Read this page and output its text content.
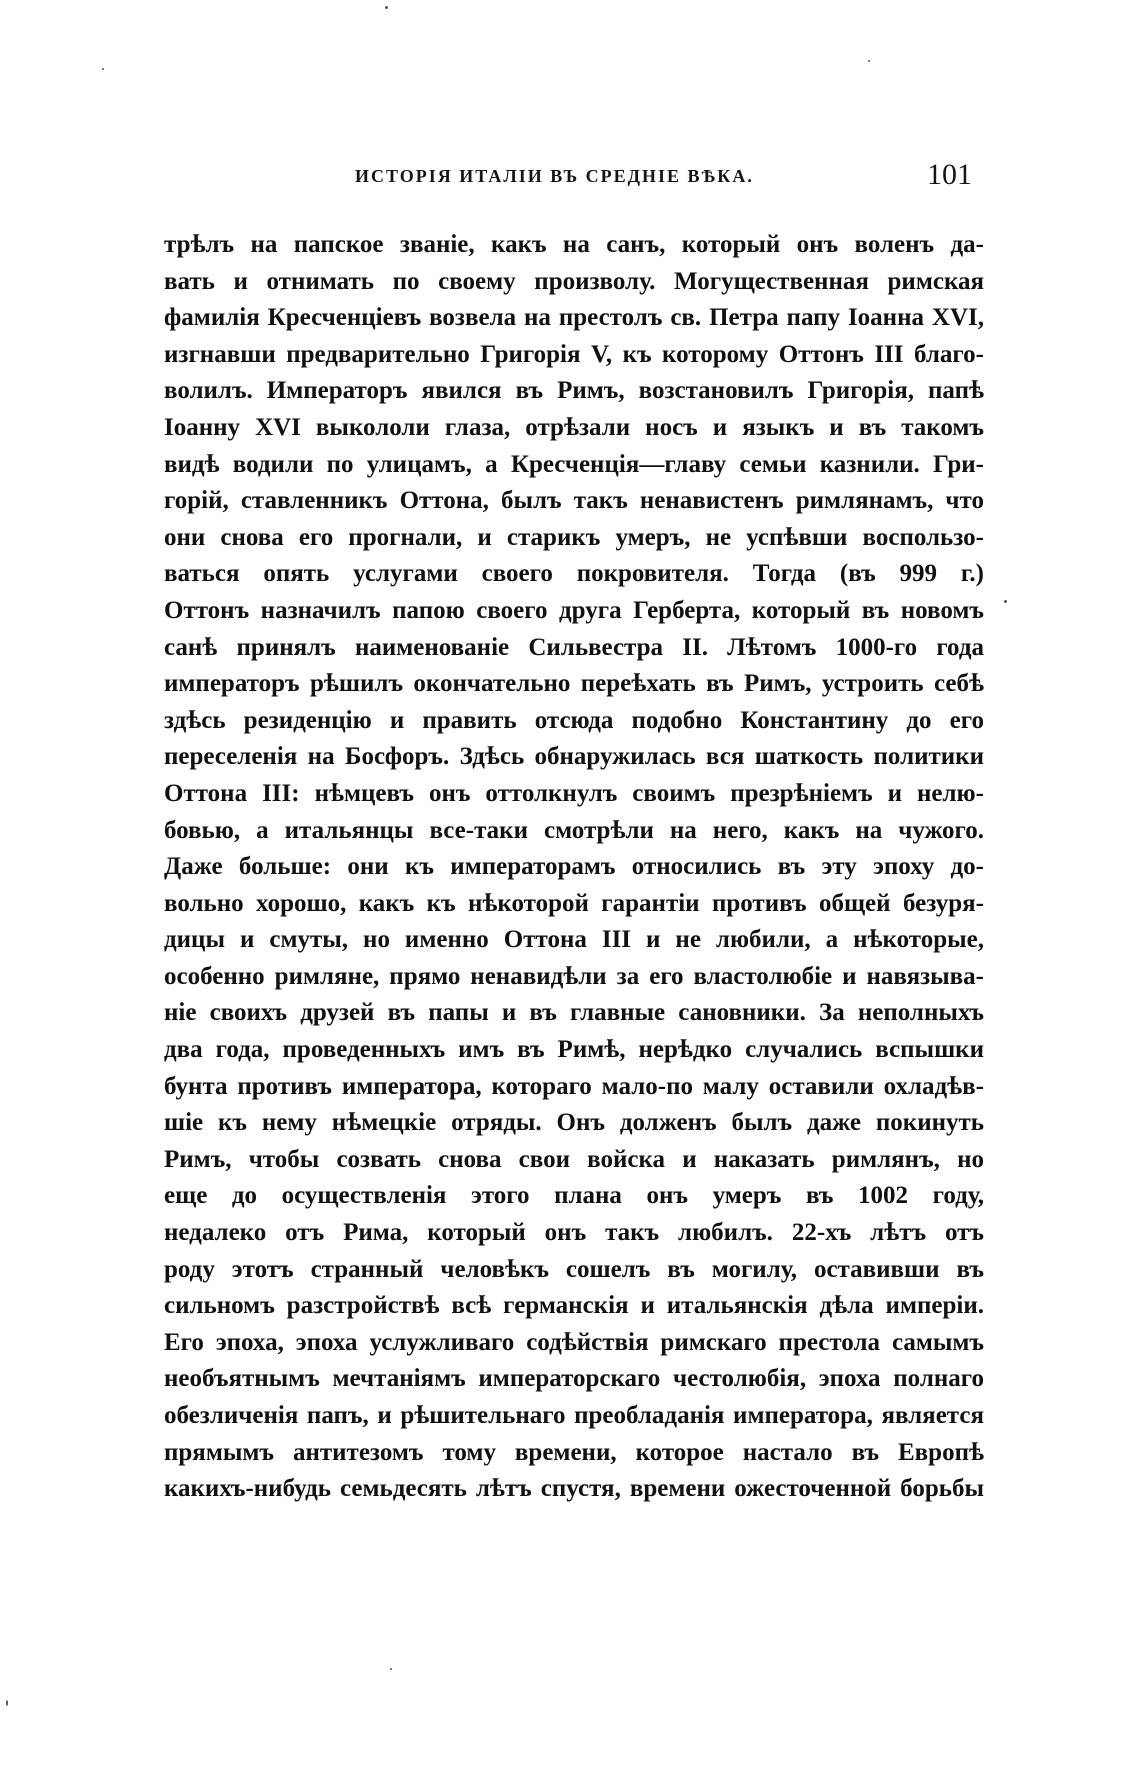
ИСТОРІЯ ИТАЛІИ ВЪ СРЕДНІЕ ВѢКА.	101
трѣлъ на папское званіе, какъ на санъ, который онъ воленъ да-
вать и отнимать по своему произволу. Могущественная римская
фамилія Кресченціевъ возвела на престолъ св. Петра папу Іоанна XVI,
изгнавши предварительно Григорія V, къ которому Оттонъ III благо-
волилъ. Императоръ явился въ Римъ, возстановилъ Григорія, папѣ
Іоанну XVI выкололи глаза, отрѣзали носъ и языкъ и въ такомъ
видѣ водили по улицамъ, а Кресченція—главу семьи казнили. Гри-
горій, ставленникъ Оттона, былъ такъ ненавистенъ римлянамъ, что
они снова его прогнали, и старикъ умеръ, не успѣвши воспользо-
ваться опять услугами своего покровителя. Тогда (въ 999 г.)
Оттонъ назначилъ папою своего друга Герберта, который въ новомъ
санѣ принялъ наименованіе Сильвестра II. Лѣтомъ 1000-го года
императоръ рѣшилъ окончательно переѣхать въ Римъ, устроить себѣ
здѣсь резиденцію и править отсюда подобно Константину до его
переселенія на Босфоръ. Здѣсь обнаружилась вся шаткость политики
Оттона III: нѣмцевъ онъ оттолкнулъ своимъ презрѣніемъ и нелю-
бовью, а итальянцы все-таки смотрѣли на него, какъ на чужого.
Даже больше: они къ императорамъ относились въ эту эпоху до-
вольно хорошо, какъ къ нѣкоторой гарантіи противъ общей безуря-
дицы и смуты, но именно Оттона III и не любили, а нѣкоторые,
особенно римляне, прямо ненавидѣли за его властолюбіе и навязыва-
ніе своихъ друзей въ папы и въ главные сановники. За неполныхъ
два года, проведенныхъ имъ въ Римѣ, нерѣдко случались вспышки
бунта противъ императора, котораго мало-по малу оставили охладѣв-
шіе къ нему нѣмецкіе отряды. Онъ долженъ былъ даже покинуть
Римъ, чтобы созвать снова свои войска и наказать римлянъ, но
еще до осуществленія этого плана онъ умеръ въ 1002 году,
недалеко отъ Рима, который онъ такъ любилъ. 22-хъ лѣтъ отъ
роду этотъ странный человѣкъ сошелъ въ могилу, оставивши въ
сильномъ разстройствѣ всѣ германскія и итальянскія дѣла имперіи.
Его эпоха, эпоха услужливаго содѣйствія римскаго престола самымъ
необъятнымъ мечтаніямъ императорскаго честолюбія, эпоха полнаго
обезличенія папъ, и рѣшительнаго преобладанія императора, является
прямымъ антитезомъ тому времени, которое настало въ Европѣ
какихъ-нибудь семьдесять лѣтъ спустя, времени ожесточенной борьбы
